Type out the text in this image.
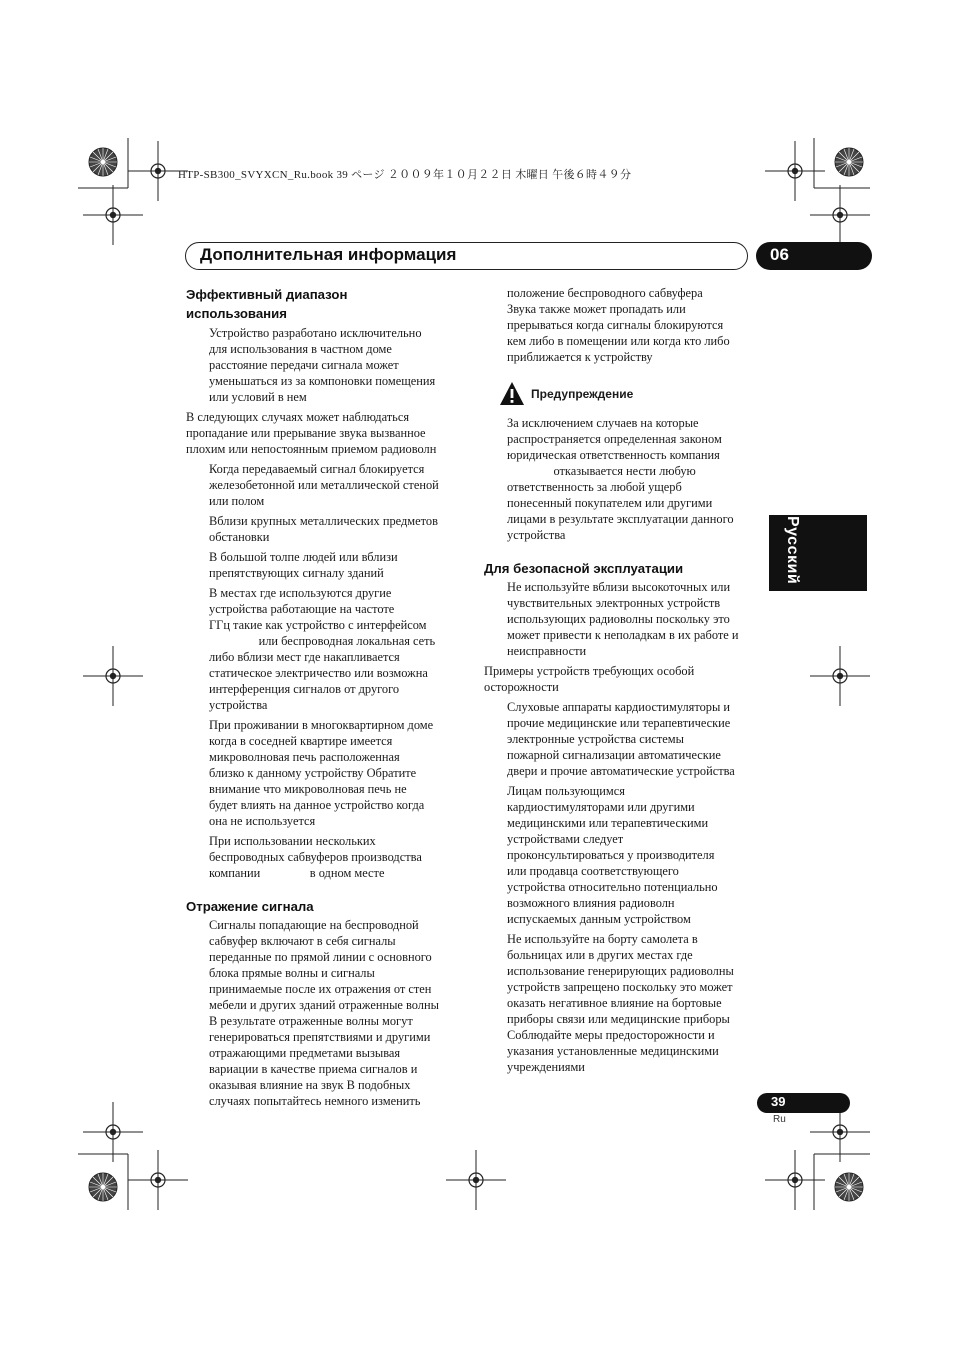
HTP-SB300_SVYXCN_Ru.book 39 ページ ２００９年１０月２２日 木曜日 午後６時４９分
Дополнительная информация	06
Русский
Эффективный диапазон
использования
Устройство разработано исключительно
для использования в частном доме
расстояние передачи сигнала может
уменьшаться из за компоновки помещения
или условий в нем
В следующих случаях может наблюдаться
пропадание или прерывание звука вызванное
плохим или непостоянным приемом радиоволн
Когда передаваемый сигнал блокируется
железобетонной или металлической стеной
или полом
Вблизи крупных металлических предметов
обстановки
В большой толпе людей или вблизи
препятствующих сигналу зданий
В местах где используются другие
устройства работающие на частоте
ГГц такие как устройство с интерфейсом
или беспроводная локальная сеть
либо вблизи мест где накапливается
статическое электричество или возможна
интерференция сигналов от другого
устройства
При проживании в многоквартирном доме
когда в соседней квартире имеется
микроволновая печь расположенная
близко к данному устройству Обратите
внимание что микроволновая печь не
будет влиять на данное устройство когда
она не используется
При использовании нескольких
беспроводных сабвуферов производства
компании                в одном месте
Отражение сигнала
Сигналы попадающие на беспроводной
сабвуфер включают в себя сигналы
переданные по прямой линии с основного
блока прямые волны и сигналы
принимаемые после их отражения от стен
мебели и других зданий отраженные волны
В результате отраженные волны могут
генерироваться препятствиями и другими
отражающими предметами вызывая
вариации в качестве приема сигналов и
оказывая влияние на звук В подобных
случаях попытайтесь немного изменить
положение беспроводного сабвуфера
Звука также может пропадать или
прерываться когда сигналы блокируются
кем либо в помещении или когда кто либо
приближается к устройству
Предупреждение
За исключением случаев на которые
распространяется определенная законом
юридическая ответственность компания
отказывается нести любую
ответственность за любой ущерб
понесенный покупателем или другими
лицами в результате эксплуатации данного
устройства
Для безопасной эксплуатации
Не используйте вблизи высокоточных или
чувствительных электронных устройств
использующих радиоволны поскольку это
может привести к неполадкам в их работе и
неисправности
Примеры устройств требующих особой
осторожности
Слуховые аппараты кардиостимуляторы и
прочие медицинские или терапевтические
электронные устройства системы
пожарной сигнализации автоматические
двери и прочие автоматические устройства
Лицам пользующимся
кардиостимуляторами или другими
медицинскими или терапевтическими
устройствами следует
проконсультироваться у производителя
или продавца соответствующего
устройства относительно потенциально
возможного влияния радиоволн
испускаемых данным устройством
Не используйте на борту самолета в
больницах или в других местах где
использование генерирующих радиоволны
устройств запрещено поскольку это может
оказать негативное влияние на бортовые
приборы связи или медицинские приборы
Соблюдайте меры предосторожности и
указания установленные медицинскими
учреждениями
39
Ru
